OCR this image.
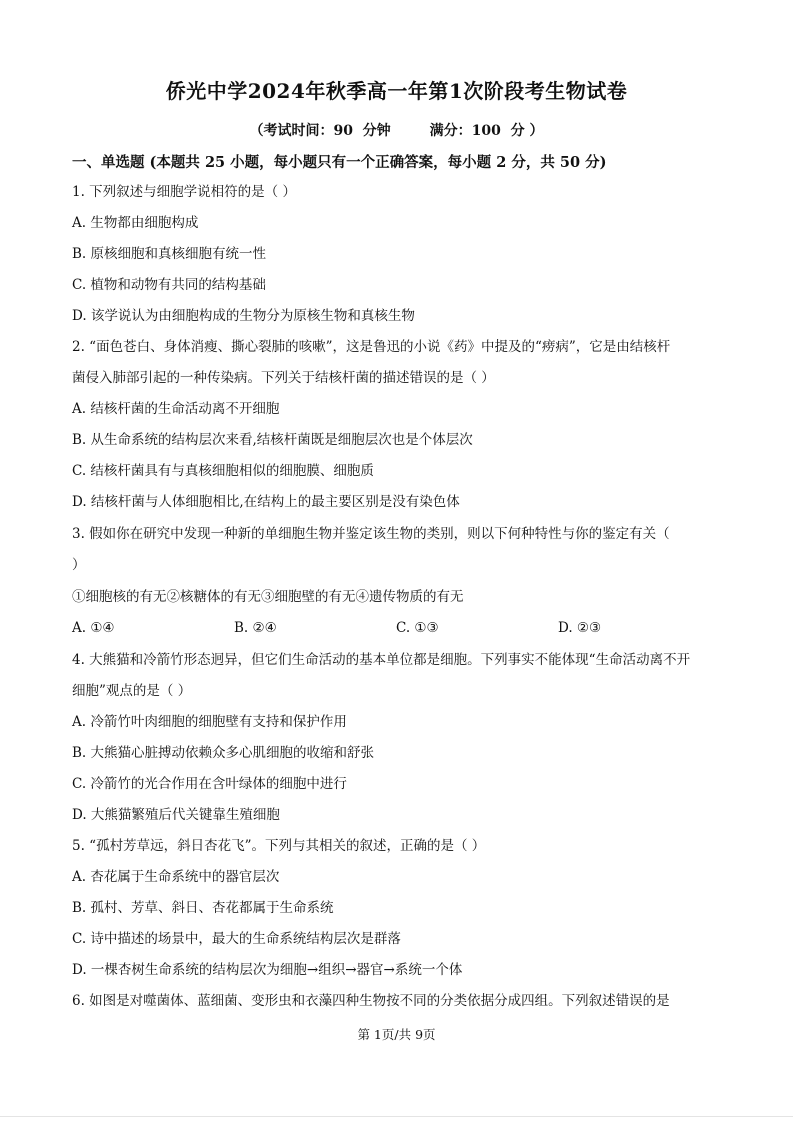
侨光中学2024年秋季高一年第1次阶段考生物试卷
（考试时间：90  分钟        满分：100  分 ）
一、单选题 (本题共 25 小题，每小题只有一个正确答案，每小题 2 分，共 50 分)
1. 下列叙述与细胞学说相符的是（ ）
A. 生物都由细胞构成
B. 原核细胞和真核细胞有统一性
C. 植物和动物有共同的结构基础
D. 该学说认为由细胞构成的生物分为原核生物和真核生物
2. “面色苍白、身体消瘦、撕心裂肺的咳嗽”，这是鲁迅的小说《药》中提及的“痨病”，它是由结核杆
菌侵入肺部引起的一种传染病。下列关于结核杆菌的描述错误的是（ ）
A. 结核杆菌的生命活动离不开细胞
B. 从生命系统的结构层次来看,结核杆菌既是细胞层次也是个体层次
C. 结核杆菌具有与真核细胞相似的细胞膜、细胞质
D. 结核杆菌与人体细胞相比,在结构上的最主要区别是没有染色体
3. 假如你在研究中发现一种新的单细胞生物并鉴定该生物的类别，则以下何种特性与你的鉴定有关（
）
①细胞核的有无②核糖体的有无③细胞壁的有无④遗传物质的有无
A. ①④	B. ②④	C. ①③	D. ②③
4. 大熊猫和冷箭竹形态迥异，但它们生命活动的基本单位都是细胞。下列事实不能体现“生命活动离不开
细胞”观点的是（ ）
A. 冷箭竹叶肉细胞的细胞壁有支持和保护作用
B. 大熊猫心脏搏动依赖众多心肌细胞的收缩和舒张
C. 冷箭竹的光合作用在含叶绿体的细胞中进行
D. 大熊猫繁殖后代关键靠生殖细胞
5. “孤村芳草远，斜日杏花飞”。下列与其相关的叙述，正确的是（ ）
A. 杏花属于生命系统中的器官层次
B. 孤村、芳草、斜日、杏花都属于生命系统
C. 诗中描述的场景中，最大的生命系统结构层次是群落
D. 一棵杏树生命系统的结构层次为细胞→组织→器官→系统一个体
6. 如图是对噬菌体、蓝细菌、变形虫和衣藻四种生物按不同的分类依据分成四组。下列叙述错误的是
第 1页/共 9页
